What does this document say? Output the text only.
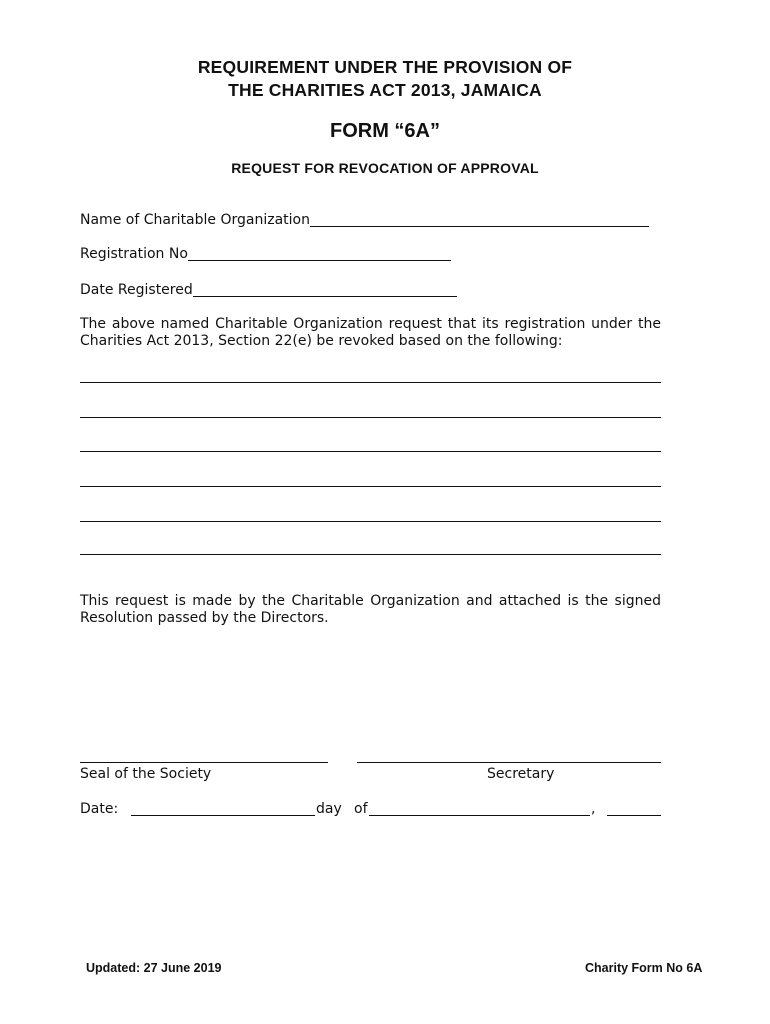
REQUIREMENT UNDER THE PROVISION OF
THE CHARITIES ACT 2013, JAMAICA
FORM “6A”
REQUEST FOR REVOCATION OF APPROVAL
Name of Charitable Organization
Registration No
Date Registered
The above named Charitable Organization request that its registration under the Charities Act 2013, Section 22(e) be revoked based on the following:
This request is made by the Charitable Organization and attached is the signed Resolution passed by the Directors.
Seal of the Society	Secretary
Date:	day of	,
Updated: 27 June 2019	Charity Form No 6A
